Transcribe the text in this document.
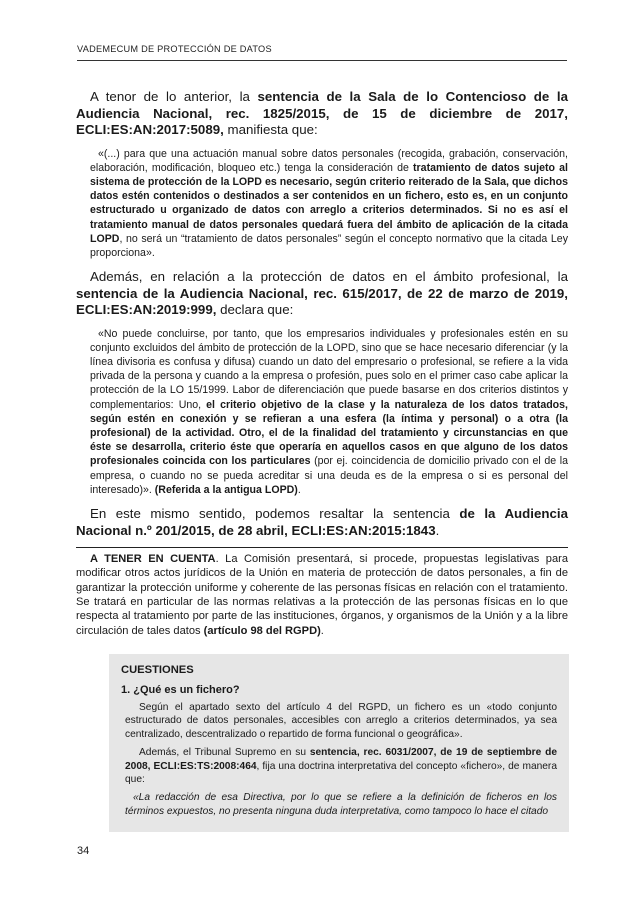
VADEMECUM DE PROTECCIÓN DE DATOS

A tenor de lo anterior, la sentencia de la Sala de lo Contencioso de la Audiencia Nacional, rec. 1825/2015, de 15 de diciembre de 2017, ECLI:ES:AN:2017:5089, manifiesta que:

«(...) para que una actuación manual sobre datos personales (recogida, grabación, conservación, elaboración, modificación, bloqueo etc.) tenga la consideración de tratamiento de datos sujeto al sistema de protección de la LOPD es necesario, según criterio reiterado de la Sala, que dichos datos estén contenidos o destinados a ser contenidos en un fichero, esto es, en un conjunto estructurado u organizado de datos con arreglo a criterios determinados. Si no es así el tratamiento manual de datos personales quedará fuera del ámbito de aplicación de la citada LOPD, no será un “tratamiento de datos personales” según el concepto normativo que la citada Ley proporciona».

Además, en relación a la protección de datos en el ámbito profesional, la sentencia de la Audiencia Nacional, rec. 615/2017, de 22 de marzo de 2019, ECLI:ES:AN:2019:999, declara que:

«No puede concluirse, por tanto, que los empresarios individuales y profesionales estén en su conjunto excluidos del ámbito de protección de la LOPD, sino que se hace necesario diferenciar (y la línea divisoria es confusa y difusa) cuando un dato del empresario o profesional, se refiere a la vida privada de la persona y cuando a la empresa o profesión, pues solo en el primer caso cabe aplicar la protección de la LO 15/1999. Labor de diferenciación que puede basarse en dos criterios distintos y complementarios: Uno, el criterio objetivo de la clase y la naturaleza de los datos tratados, según estén en conexión y se refieran a una esfera (la íntima y personal) o a otra (la profesional) de la actividad. Otro, el de la finalidad del tratamiento y circunstancias en que éste se desarrolla, criterio éste que operaría en aquellos casos en que alguno de los datos profesionales coincida con los particulares (por ej. coincidencia de domicilio privado con el de la empresa, o cuando no se pueda acreditar si una deuda es de la empresa o si es personal del interesado)». (Referida a la antigua LOPD).

En este mismo sentido, podemos resaltar la sentencia de la Audiencia Nacional n.º 201/2015, de 28 abril, ECLI:ES:AN:2015:1843.

A TENER EN CUENTA. La Comisión presentará, si procede, propuestas legislativas para modificar otros actos jurídicos de la Unión en materia de protección de datos personales, a fin de garantizar la protección uniforme y coherente de las personas físicas en relación con el tratamiento. Se tratará en particular de las normas relativas a la protección de las personas físicas en lo que respecta al tratamiento por parte de las instituciones, órganos, y organismos de la Unión y a la libre circulación de tales datos (artículo 98 del RGPD).

CUESTIONES
1. ¿Qué es un fichero?

Según el apartado sexto del artículo 4 del RGPD, un fichero es un «todo conjunto estructurado de datos personales, accesibles con arreglo a criterios determinados, ya sea centralizado, descentralizado o repartido de forma funcional o geográfica».

Además, el Tribunal Supremo en su sentencia, rec. 6031/2007, de 19 de septiembre de 2008, ECLI:ES:TS:2008:464, fija una doctrina interpretativa del concepto «fichero», de manera que:

«La redacción de esa Directiva, por lo que se refiere a la definición de ficheros en los términos expuestos, no presenta ninguna duda interpretativa, como tampoco lo hace el citado

34
